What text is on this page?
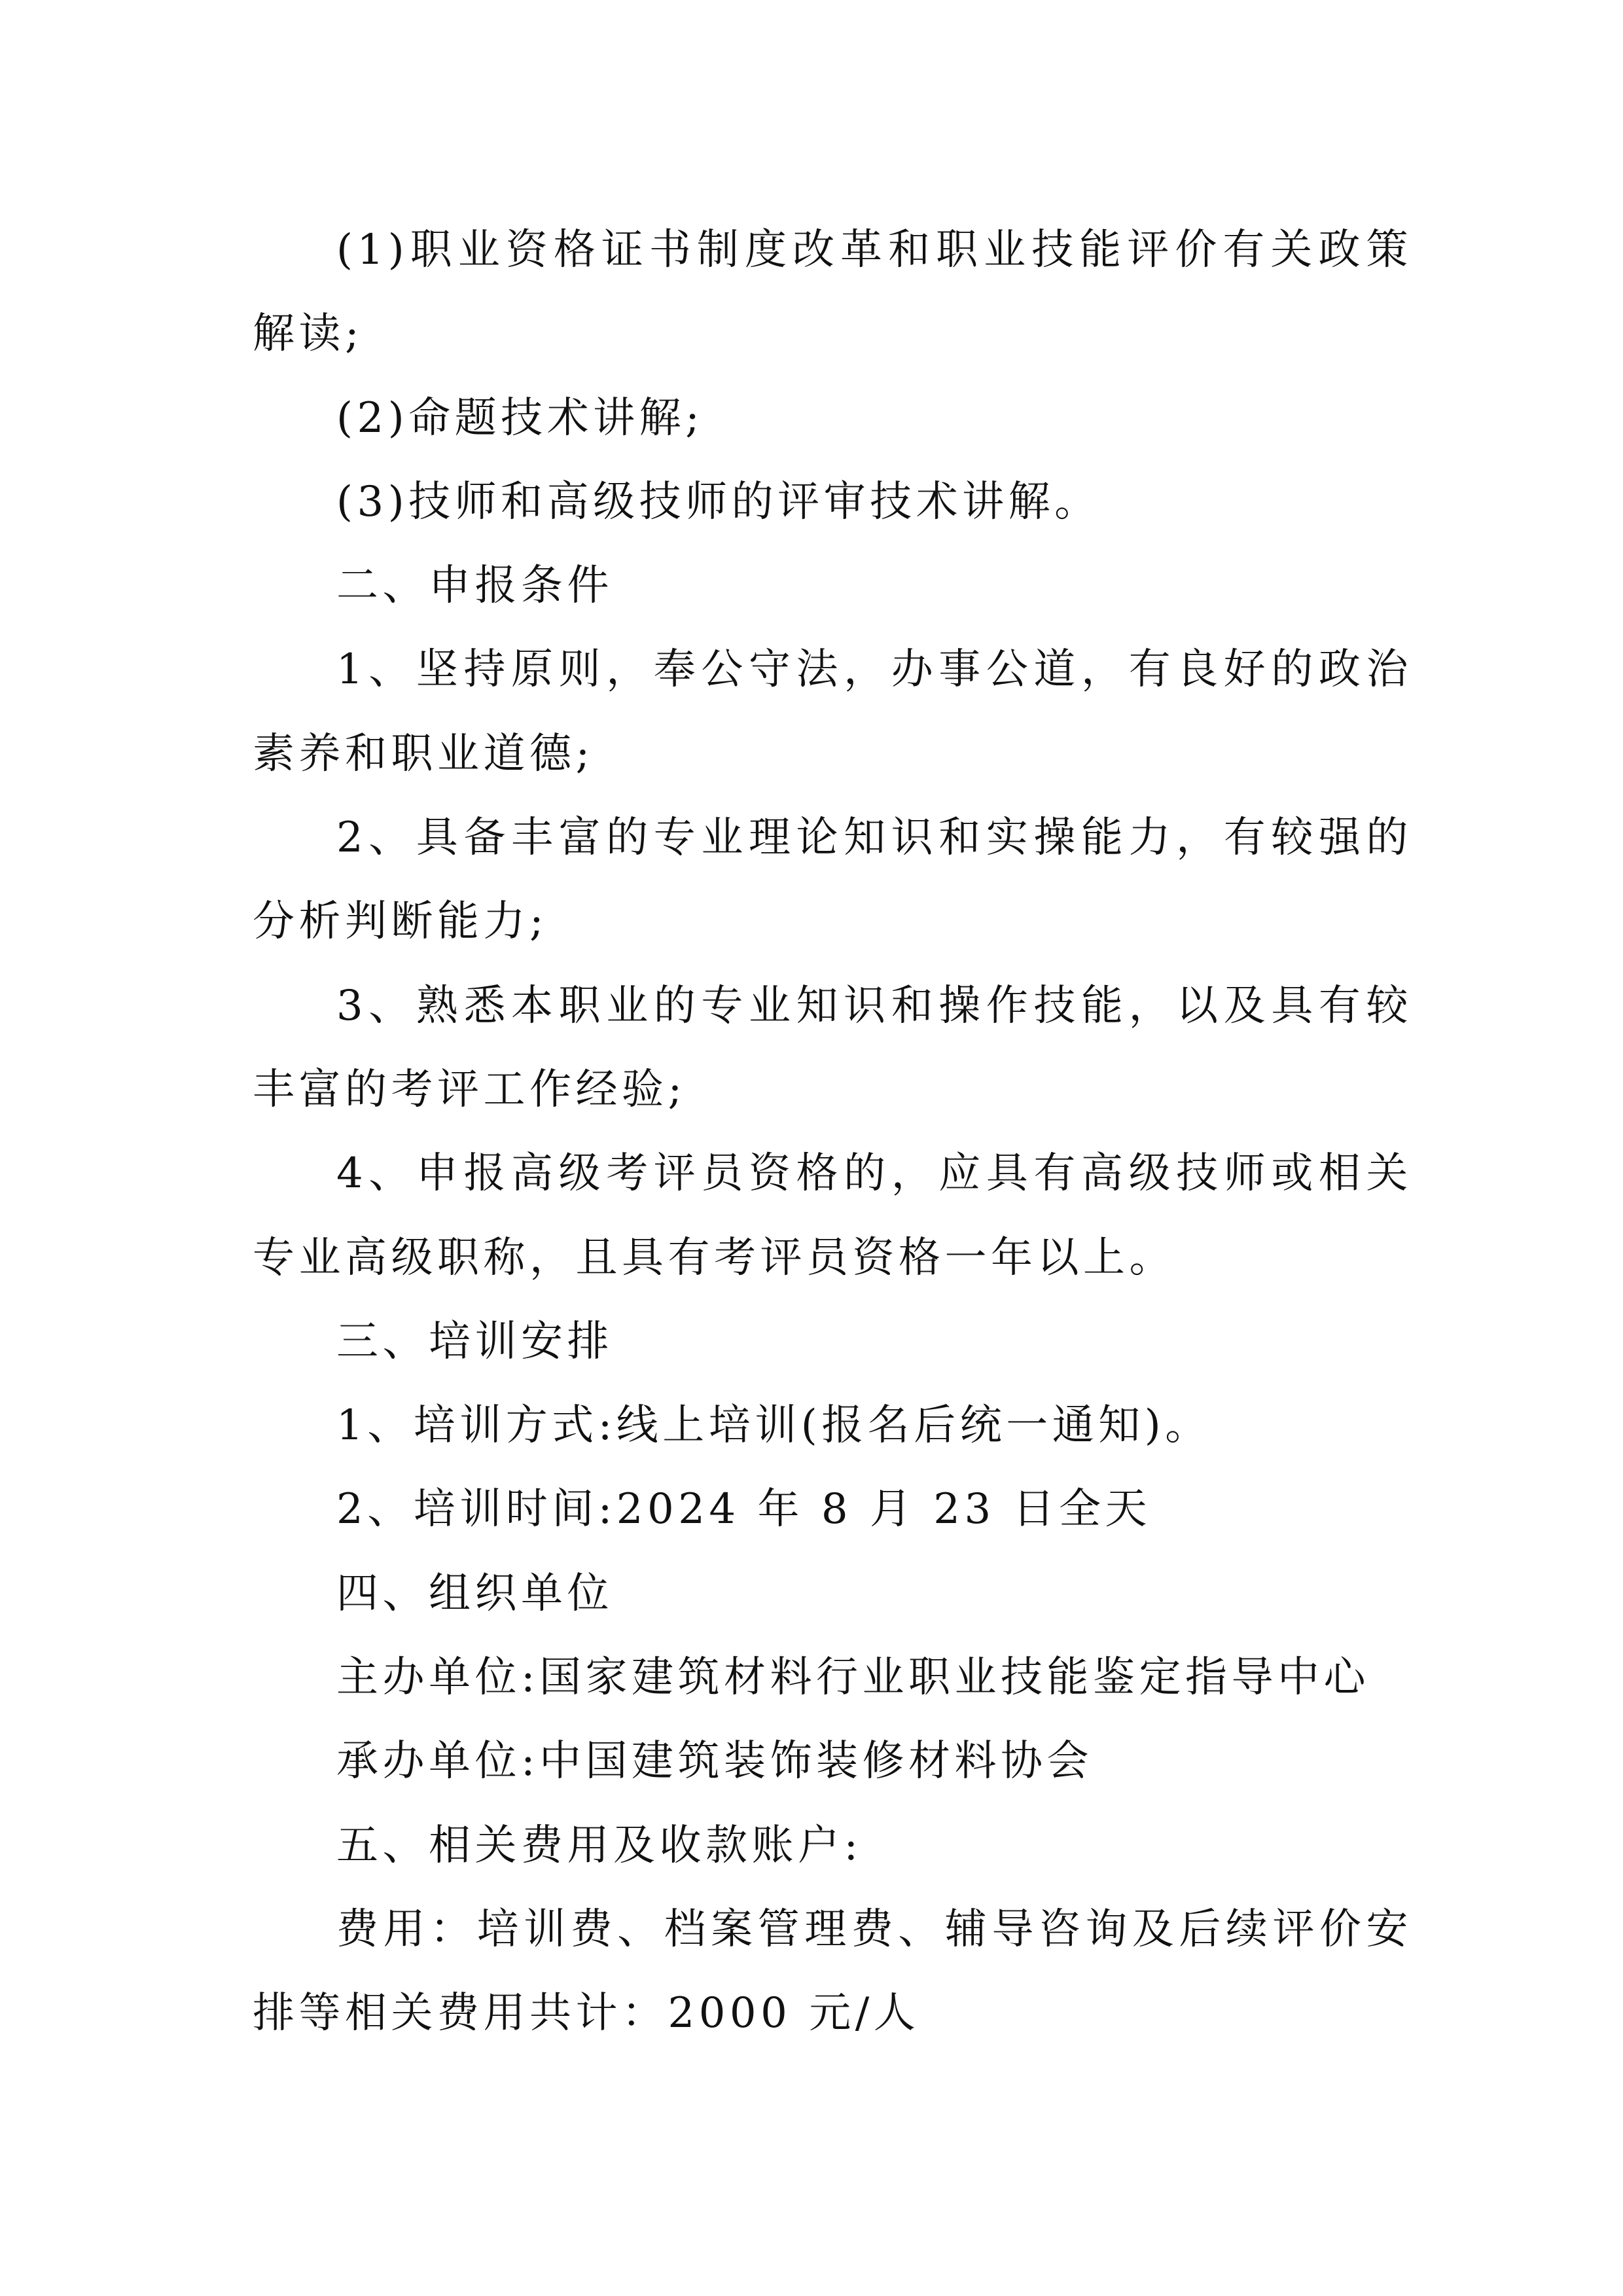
(1)职业资格证书制度改革和职业技能评价有关政策解读;

(2)命题技术讲解;

(3)技师和高级技师的评审技术讲解。

二、申报条件

1、坚持原则，奉公守法，办事公道，有良好的政治素养和职业道德;

2、具备丰富的专业理论知识和实操能力，有较强的分析判断能力;

3、熟悉本职业的专业知识和操作技能，以及具有较丰富的考评工作经验;

4、申报高级考评员资格的，应具有高级技师或相关专业高级职称，且具有考评员资格一年以上。

三、培训安排

1、培训方式:线上培训(报名后统一通知)。

2、培训时间:2024 年 8 月 23 日全天

四、组织单位

主办单位:国家建筑材料行业职业技能鉴定指导中心

承办单位:中国建筑装饰装修材料协会

五、相关费用及收款账户:

费用：培训费、档案管理费、辅导咨询及后续评价安排等相关费用共计：2000 元/人
